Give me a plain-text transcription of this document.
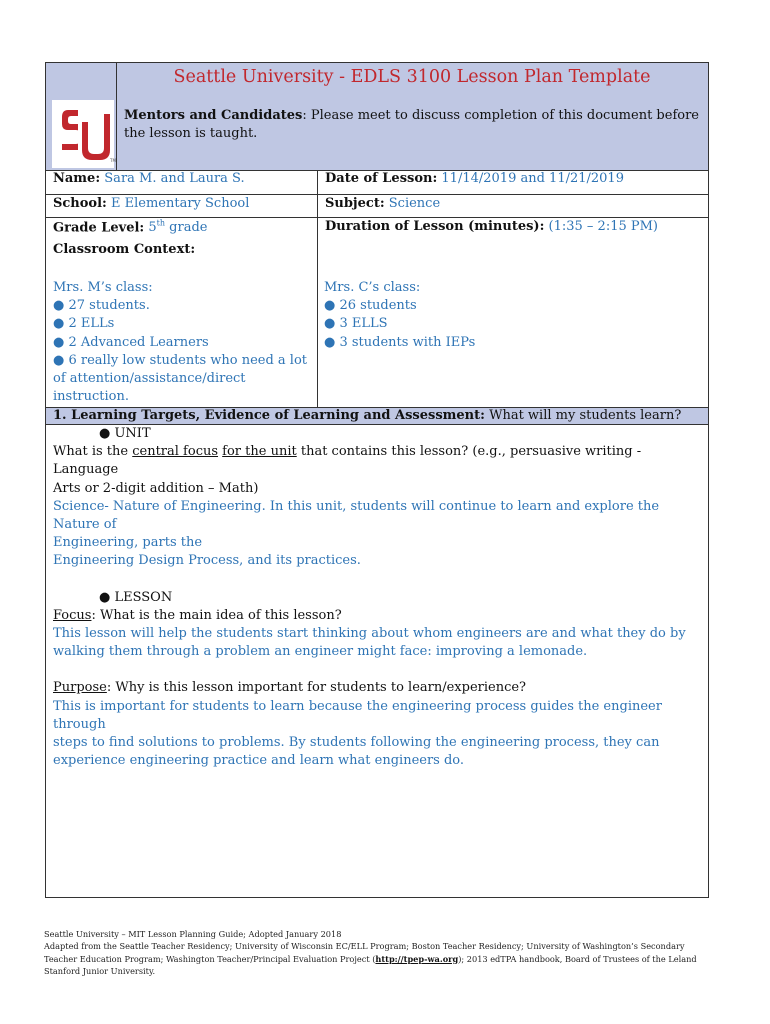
TM
Seattle University - EDLS 3100 Lesson Plan Template
Mentors and Candidates: Please meet to discuss completion of this document before the lesson is taught.
Name: Sara M. and Laura S.	Date of Lesson: 11/14/2019 and 11/21/2019
School: E Elementary School	Subject: Science
Grade Level: 5th grade	Duration of Lesson (minutes): (1:35 – 2:15 PM)
Classroom Context:
Mrs. M’s class:
● 27 students.
● 2 ELLs
● 2 Advanced Learners
● 6 really low students who need a lot
of attention/assistance/direct
instruction.
Mrs. C’s class:
● 26 students
● 3 ELLS
● 3 students with IEPs
1. Learning Targets, Evidence of Learning and Assessment: What will my students learn?

● UNIT

What is the central focus for the unit that contains this lesson? (e.g., persuasive writing - Language

Arts or 2-digit addition – Math)

Science- Nature of Engineering. In this unit, students will continue to learn and explore the Nature of

Engineering, parts the

Engineering Design Process, and its practices.

● LESSON

Focus: What is the main idea of this lesson?

This lesson will help the students start thinking about whom engineers are and what they do by

walking them through a problem an engineer might face: improving a lemonade.

Purpose: Why is this lesson important for students to learn/experience?

This is important for students to learn because the engineering process guides the engineer through

steps to find solutions to problems. By students following the engineering process, they can

experience engineering practice and learn what engineers do.

Seattle University – MIT Lesson Planning Guide; Adopted January 2018
Adapted from the Seattle Teacher Residency; University of Wisconsin EC/ELL Program; Boston Teacher Residency; University of Washington’s Secondary
Teacher Education Program; Washington Teacher/Principal Evaluation Project (http://tpep-wa.org); 2013 edTPA handbook, Board of Trustees of the Leland
Stanford Junior University.
